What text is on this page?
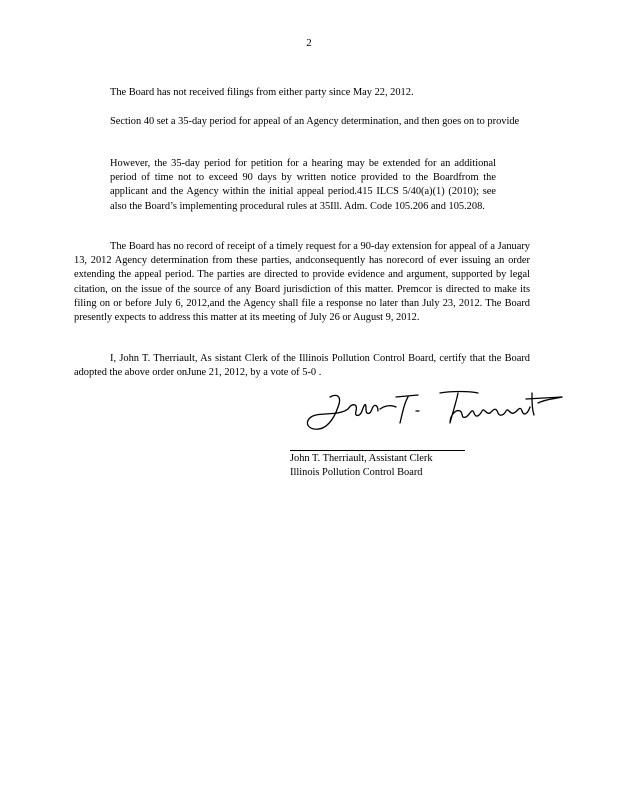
2

The Board has not received filings from either party since May 22, 2012.

Section 40 set a 35-day period for appeal of an Agency determination, and then goes on to provide

However, the 35-day period for petition for a hearing may be extended for an additional period of time not to exceed 90 days by written notice provided to the Boardfrom the applicant and the Agency within the initial appeal period.415 ILCS 5/40(a)(1) (2010); see also the Board’s implementing procedural rules at 35Ill. Adm. Code 105.206 and 105.208.

The Board has no record of receipt of a timely request for a 90-day extension for appeal of a January 13, 2012 Agency determination from these parties, andconsequently has norecord of ever issuing an order extending the appeal period. The parties are directed to provide evidence and argument, supported by legal citation, on the issue of the source of any Board jurisdiction of this matter. Premcor is directed to make its filing on or before July 6, 2012,and the Agency shall file a response no later than July 23, 2012. The Board presently expects to address this matter at its meeting of July 26 or August 9, 2012.

I, John T. Therriault, As sistant Clerk of the Illinois Pollution Control Board, certify that the Board adopted the above order onJune 21, 2012, by a vote of 5-0 .

John T. Therriault, Assistant Clerk
Illinois Pollution Control Board
